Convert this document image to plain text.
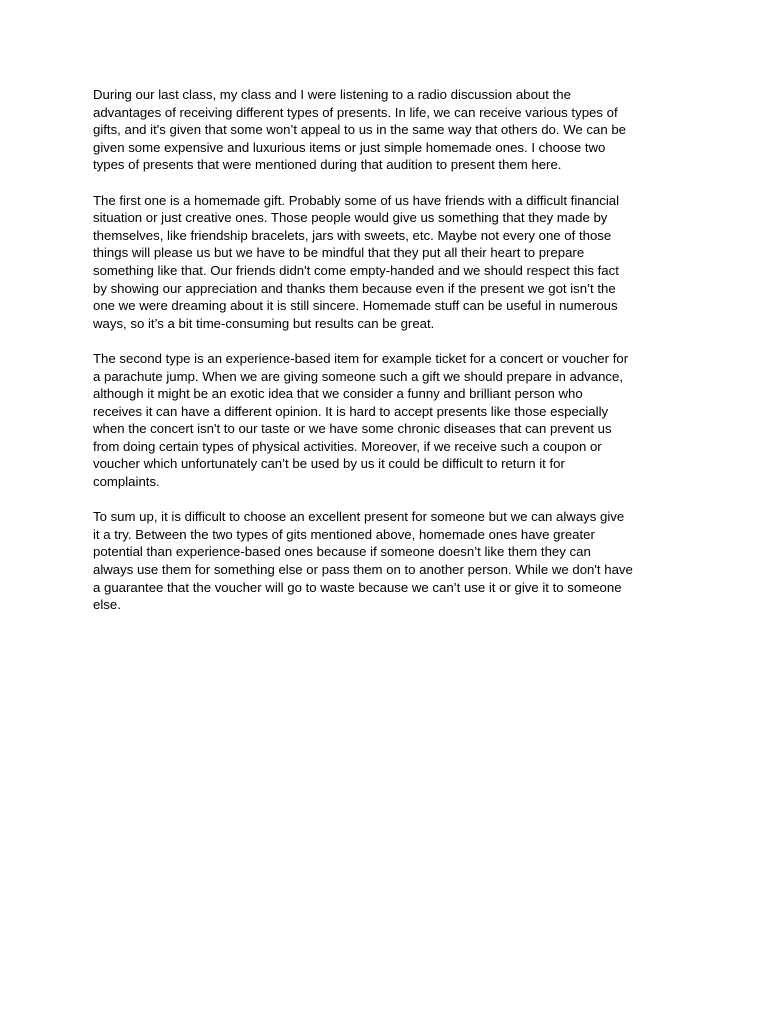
During our last class, my class and I were listening to a radio discussion about the
advantages of receiving different types of presents. In life, we can receive various types of
gifts, and it's given that some won’t appeal to us in the same way that others do. We can be
given some expensive and luxurious items or just simple homemade ones. I choose two
types of presents that were mentioned during that audition to present them here.

The first one is a homemade gift. Probably some of us have friends with a difficult financial
situation or just creative ones. Those people would give us something that they made by
themselves, like friendship bracelets, jars with sweets, etc. Maybe not every one of those
things will please us but we have to be mindful that they put all their heart to prepare
something like that. Our friends didn't come empty-handed and we should respect this fact
by showing our appreciation and thanks them because even if the present we got isn’t the
one we were dreaming about it is still sincere. Homemade stuff can be useful in numerous
ways, so it’s a bit time-consuming but results can be great.

The second type is an experience-based item for example ticket for a concert or voucher for
a parachute jump. When we are giving someone such a gift we should prepare in advance,
although it might be an exotic idea that we consider a funny and brilliant person who
receives it can have a different opinion. It is hard to accept presents like those especially
when the concert isn't to our taste or we have some chronic diseases that can prevent us
from doing certain types of physical activities. Moreover, if we receive such a coupon or
voucher which unfortunately can’t be used by us it could be difficult to return it for
complaints.

To sum up, it is difficult to choose an excellent present for someone but we can always give
it a try. Between the two types of gits mentioned above, homemade ones have greater
potential than experience-based ones because if someone doesn’t like them they can
always use them for something else or pass them on to another person. While we don't have
a guarantee that the voucher will go to waste because we can’t use it or give it to someone
else.
